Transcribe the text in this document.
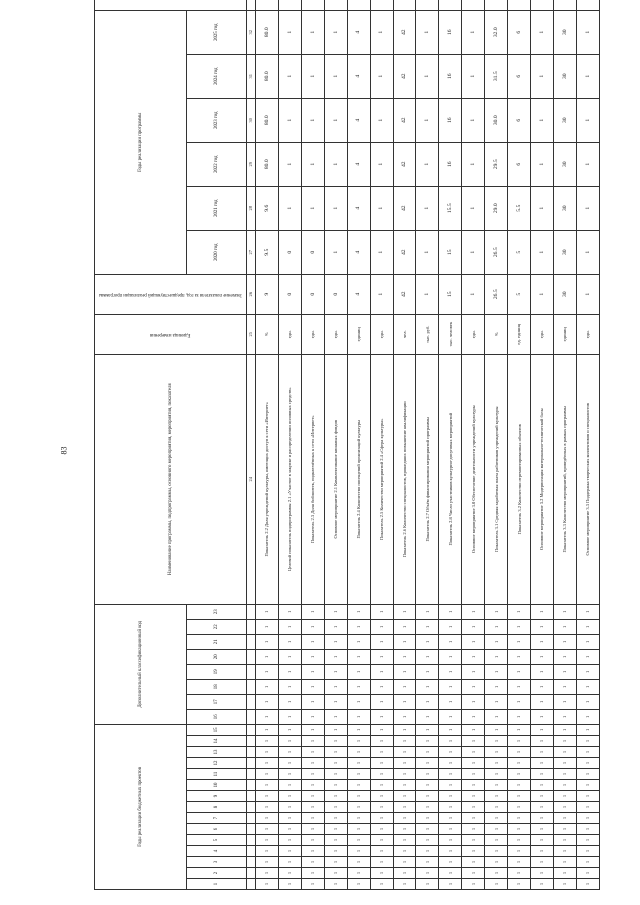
83
Годы реализации бюджетных проектов															Дополнительный классификационный код								Наименование программы, подпрограммы, основного мероприятия, мероприятия, показателя	Единица измерения	Значение показателя за год, предшествующий реализации программы	Годы реализации программы	

1	2	3	4	5	6	7	8	9	10	11	12	13	14	15	16	17	18	19	20	21	22	23				2020 год	2021 год	2022 год	2023 год	2024 год	2025 год	
																							24	25	26	27	28	29	30	31	32	
1	1	1	1	1	1	1	1	1	1	1	1	1	1	1	1	1	1	1	1	1	1	1	Показатель 2.2 Доля учреждений культуры, имеющих доступ к сети «Интернет»	%	9	9.5	9.6	80.0	80.0	80.0	80.0	
1	1	1	1	1	1	1	1	1	1	1	1	1	1	1	1	1	1	1	1	1	1	1	Целевой показатель подпрограммы 2.1 «Участие в закупке и распределении основных средств»	едн.	0	0	1	1	1	1	1	
1	1	1	1	1	1	1	1	1	1	1	1	1	1	1	1	1	1	1	1	1	1	1	Показатель 2.3 Доля библиотек, подключённых к сети «Интернет»	едн.	0	0	1	1	1	1	1	
1	1	1	1	1	1	1	1	1	1	1	1	1	1	1	1	1	1	1	1	1	1	1	Основное мероприятие 2.1 Комплектование книжных фондов	едн.	0	1	1	1	1	1	1	
1	1	1	1	1	1	1	1	1	1	1	1	1	1	1	1	1	1	1	1	1	1	1	Показатель 2.4 Количество посещений организаций культуры	единиц	4	4	4	4	4	4	4	
1	1	1	1	1	1	1	1	1	1	1	1	1	1	1	1	1	1	1	1	1	1	1	Показатель 2.5 Количество мероприятий 2.4 «Сфера культуры»	едн.	1	1	1	1	1	1	1	
1	1	1	1	1	1	1	1	1	1	1	1	1	1	1	1	1	1	1	1	1	1	1	Показатель 2.6 Количество специалистов, прошедших повышение квалификации	чел.	42	42	42	42	42	42	42	
1	1	1	1	1	1	1	1	1	1	1	1	1	1	1	1	1	1	1	1	1	1	1	Показатель 2.7 Объём финансирования мероприятий программы	тыс. руб.	1	1	1	1	1	1	1	
1	1	1	1	1	1	1	1	1	1	1	1	1	1	1	1	1	1	1	1	1	1	1	Показатель 2.8 Число участников культурно-досуговых мероприятий	тыс. человек	15	15	15.5	16	16	16	16	
1	1	1	1	1	1	1	1	1	1	1	1	1	1	1	1	1	1	1	1	1	1	1	Основное мероприятие 3.0 Обеспечение деятельности учреждений культуры	едн.	1	1	1	1	1	1	1	
1	1	1	1	1	1	1	1	1	1	1	1	1	1	1	1	1	1	1	1	1	1	1	Показатель 3.1 Средняя заработная плата работников учреждений культуры	%	26.5	26.5	29.0	29.5	30.0	31.5	32.0	
1	1	1	1	1	1	1	1	1	1	1	1	1	1	1	1	1	1	1	1	1	1	1	Показатель 3.2 Количество отремонтированных объектов	ед. единиц	5	5	5.5	6	6	6	6	
1	1	1	1	1	1	1	1	1	1	1	1	1	1	1	1	1	1	1	1	1	1	1	Основное мероприятие 3.2 Модернизация материально-технической базы	едн.	1	1	1	1	1	1	1	
1	1	1	1	1	1	1	1	1	1	1	1	1	1	1	1	1	1	1	1	1	1	1	Показатель 3.3 Количество мероприятий, проведённых в рамках программы	единиц	30	30	30	30	30	30	30	
1	1	1	1	1	1	1	1	1	1	1	1	1	1	1	1	1	1	1	1	1	1	1	Основное мероприятие 3.3 Поддержка творческих коллективов и специалистов	едн.	1	1	1	1	1	1	1	
